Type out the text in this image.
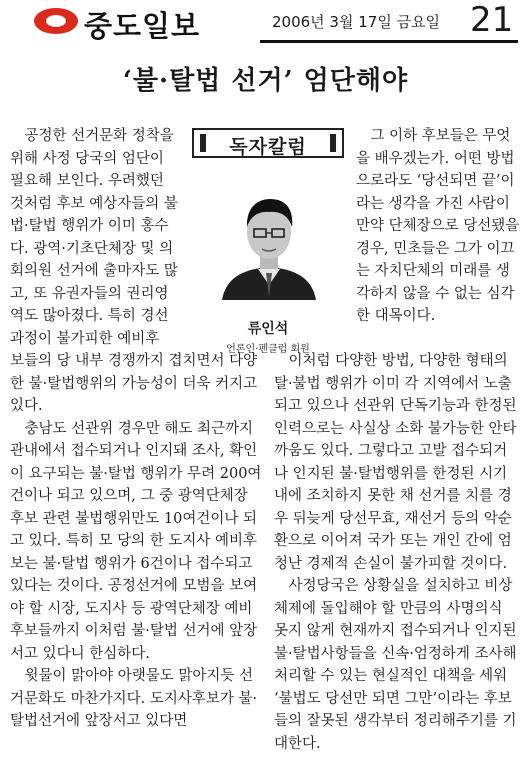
중도일보	2006년 3월 17일 금요일 21
‘불·탈법 선거’ 엄단해야

공정한 선거문화 정착을 위해 사정 당국의 엄단이 필요해 보인다. 우려했던 것처럼 후보 예상자들의 불법·탈법 행위가 이미 홍수다. 광역·기초단체장 및 의회의원 선거에 출마자도 많고, 또 유권자들의 권리영역도 많아졌다. 특히 경선과정이 불가피한 예비후

독자칼럼
류인석
언론인·펜클럽 회원

그 이하 후보들은 무엇을 배우겠는가. 어떤 방법으로라도 ‘당선되면 끝’이라는 생각을 가진 사람이 만약 단체장으로 당선됐을 경우, 민초들은 그가 이끄는 자치단체의 미래를 생각하지 않을 수 없는 심각한 대목이다.

보들의 당 내부 경쟁까지 겹치면서 다양한 불·탈법행위의 가능성이 더욱 커지고 있다.

충남도 선관위 경우만 해도 최근까지 관내에서 접수되거나 인지돼 조사, 확인이 요구되는 불·탈법 행위가 무려 200여건이나 되고 있으며, 그 중 광역단체장 후보 관련 불법행위만도 10여건이나 되고 있다. 특히 모 당의 한 도지사 예비후보는 불·탈법 행위가 6건이나 접수되고 있다는 것이다. 공정선거에 모범을 보여야 할 시장, 도지사 등 광역단체장 예비후보들까지 이처럼 불·탈법 선거에 앞장서고 있다니 한심하다.

윗물이 맑아야 아랫물도 맑아지듯 선거문화도 마찬가지다. 도지사후보가 불·탈법선거에 앞장서고 있다면

이처럼 다양한 방법, 다양한 형태의 탈·불법 행위가 이미 각 지역에서 노출되고 있으나 선관위 단독기능과 한정된 인력으로는 사실상 소화 불가능한 안타까움도 있다. 그렇다고 고발 접수되거나 인지된 불·탈법행위를 한정된 시기 내에 조치하지 못한 채 선거를 치를 경우 뒤늦게 당선무효, 재선거 등의 악순환으로 이어져 국가 또는 개인 간에 엄청난 경제적 손실이 불가피할 것이다.

사정당국은 상황실을 설치하고 비상체제에 돌입해야 할 만큼의 사명의식 못지 않게 현재까지 접수되거나 인지된 불·탈법사항들을 신속·엄정하게 조사해 처리할 수 있는 현실적인 대책을 세워 ‘불법도 당선만 되면 그만’이라는 후보들의 잘못된 생각부터 정리해주기를 기대한다.
